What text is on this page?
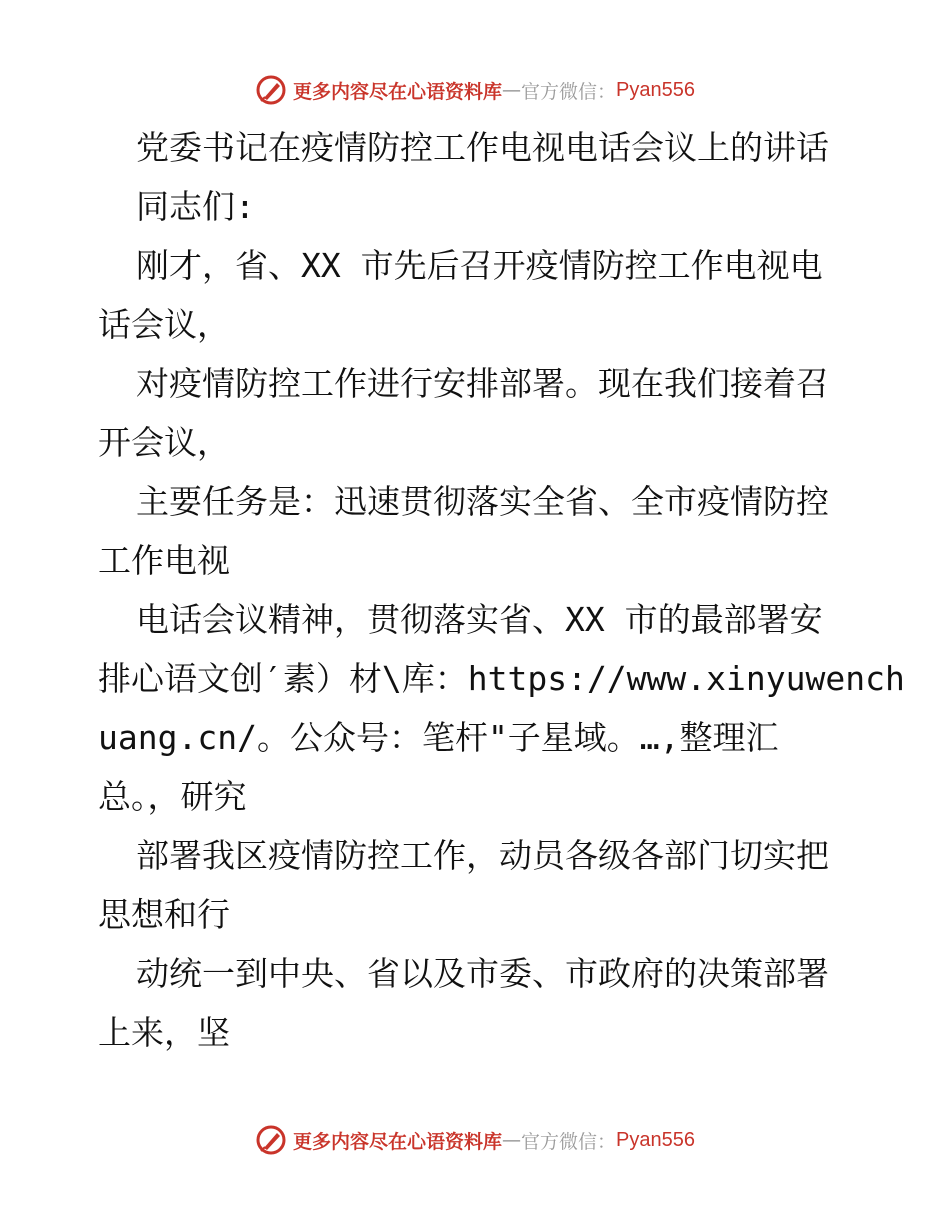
更多内容尽在心语资料库 — 官方微信： Pyan556
党委书记在疫情防控工作电视电话会议上的讲话
同志们:
刚才，省、XX 市先后召开疫情防控工作电视电
话会议，
对疫情防控工作进行安排部署。现在我们接着召
开会议，
主要任务是：迅速贯彻落实全省、全市疫情防控
工作电视
电话会议精神，贯彻落实省、XX 市的最部署安
排心语文创′素）材\库：https://www.xinyuwench
uang.cn/。公众号：笔杆"子星域。…,整理汇
总。，研究
部署我区疫情防控工作，动员各级各部门切实把
思想和行
动统一到中央、省以及市委、市政府的决策部署
上来，坚
更多内容尽在心语资料库 — 官方微信： Pyan556
